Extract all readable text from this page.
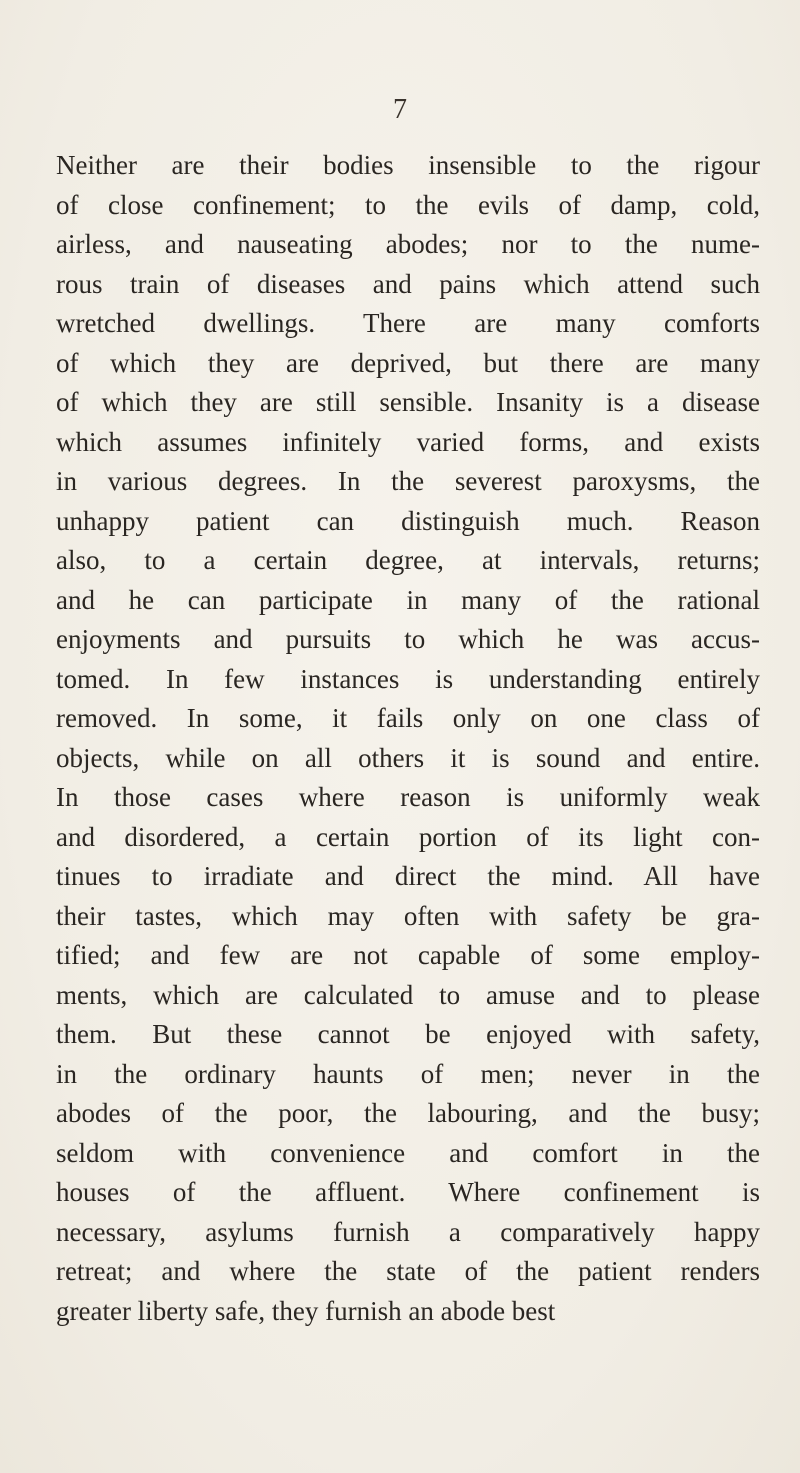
7
Neither are their bodies insensible to the rigour
of close confinement; to the evils of damp, cold,
airless, and nauseating abodes; nor to the nume-
rous train of diseases and pains which attend such
wretched dwellings. There are many comforts
of which they are deprived, but there are many
of which they are still sensible. Insanity is a disease
which assumes infinitely varied forms, and exists
in various degrees. In the severest paroxysms, the
unhappy patient can distinguish much. Reason
also, to a certain degree, at intervals, returns;
and he can participate in many of the rational
enjoyments and pursuits to which he was accus-
tomed. In few instances is understanding entirely
removed. In some, it fails only on one class of
objects, while on all others it is sound and entire.
In those cases where reason is uniformly weak
and disordered, a certain portion of its light con-
tinues to irradiate and direct the mind. All have
their tastes, which may often with safety be gra-
tified; and few are not capable of some employ-
ments, which are calculated to amuse and to please
them. But these cannot be enjoyed with safety,
in the ordinary haunts of men; never in the
abodes of the poor, the labouring, and the busy;
seldom with convenience and comfort in the
houses of the affluent. Where confinement is
necessary, asylums furnish a comparatively happy
retreat; and where the state of the patient renders
greater liberty safe, they furnish an abode best
